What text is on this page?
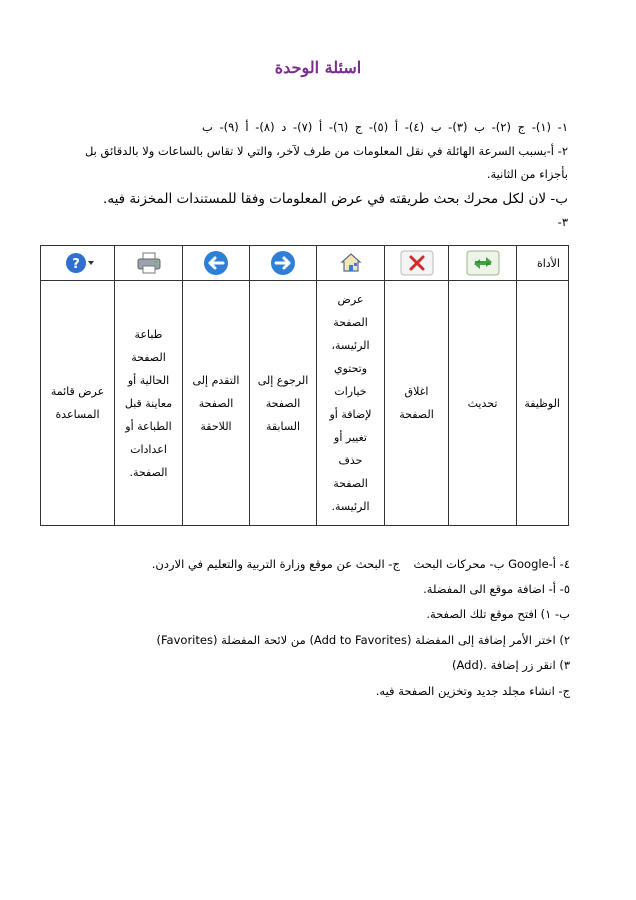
اسئلة الوحدة
١- (١)- ج (٢)- ب (٣)- ب (٤)- أ (٥)- ج (٦)- أ (٧)- د (٨)- أ (٩)- ب
٢- أ-بسبب السرعة الهائلة في نقل المعلومات من طرف لآخر، والتي لا تقاس بالساعات ولا بالدقائق بل
بأجزاء من الثانية.
ب- لان لكل محرك بحث طريقته في عرض المعلومات وفقا للمستندات المخزنة فيه.
٣-
الأداة							?

الوظيفة	تحديث	اغلاق الصفحة	عرض الصفحة الرئيسة، وتحتوي خيارات لإضافة أو تغيير أو حذف الصفحة الرئيسة.	الرجوع إلى الصفحة السابقة	التقدم إلى الصفحة اللاحقة	طباعة الصفحة الحالية أو معاينة قبل الطباعة أو اعدادات الصفحة.	عرض قائمة المساعدة
٤- أ-Google ب- محركات البحث ج- البحث عن موقع وزارة التربية والتعليم في الاردن.
٥- أ- اضافة موقع الى المفضلة.
ب- ١) افتح موقع تلك الصفحة.
٢) اختر الأمر إضافة إلى المفضلة (Add to Favorites) من لائحة المفضلة (Favorites)
٣) انقر زر إضافة (Add).
ج- انشاء مجلد جديد وتخزين الصفحة فيه.
